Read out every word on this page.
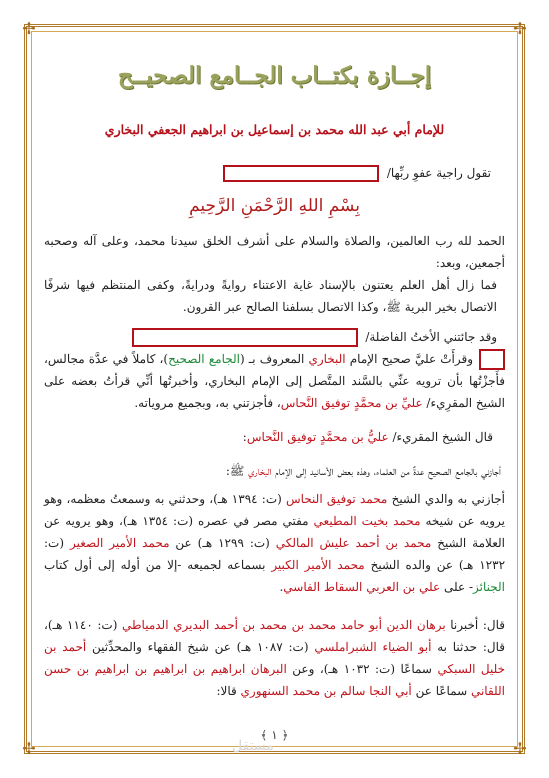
✢	✢
✢	✢
إجــازة بكتــاب الجــامع الصحيــح
للإمام أبي عبد الله محمد بن إسماعيل بن ابراهيم الجعفي البخاري
تقول راجية عفوِ ربِّها/
بِسْمِ اللهِ الرَّحْمَنِ الرَّحِيمِ
الحمد لله رب العالمين، والصلاة والسلام على أشرف الخلق سيدنا محمد، وعلى آله وصحبه أجمعين، وبعد:
فما زال أهل العلم يعتنون بالإسناد غاية الاعتناء روايةً ودرايةً، وكفى المنتظم فيها شرفًا الاتصال بخير البرية ﷺ، وكذا الاتصال بسلفنا الصالح عبر القرون.
وقد جائتني الأختُ الفاضلة/
وقرأَتْ عليَّ صحيح الإمام البخاري المعروف بـ (الجامع الصحيح)، كاملاً في عدَّة مجالس، فأَجزْتُها بأن ترويه عنِّي بالسَّند المتَّصل إلى الإمام البخاري، وأخبرتُها أنِّي قرأتُ بعضه على الشيخ المقرِيء/ عليِّ بن محمَّدٍ توفيق النَّحاس، فأجزتني به، وبجميع مروياته.
قال الشيخ المقريء/ عليُّ بن محمَّدٍ توفيق النَّحاس:
أجازني بالجامع الصحيح عدةٌ من العلماء، وهذه بعض الأسانيد إلى الإمام البخاري ﷺ:
أجازني به والدي الشيخ محمد توفيق النحاس (ت: ١٣٩٤ هـ)، وحدثني به وسمعتُ معظمه، وهو يرويه عن شيخه محمد بخيت المطيعي مفتي مصر في عصره (ت: ١٣٥٤ هـ)، وهو يرويه عن العلامة الشيخ محمد بن أحمد عليش المالكي (ت: ١٢٩٩ هـ) عن محمد الأمير الصغير (ت: ١٢٣٢ هـ) عن والده الشيخ محمد الأمير الكبير بسماعه لجميعه -إلا من أوله إلى أول كتاب الجنائز- على علي بن العربي السقاط الفاسي.
قال: أخبرنا برهان الدين أبو حامد محمد بن محمد بن أحمد البديري الدمياطي (ت: ١١٤٠ هـ)، قال: حدثنا به أبو الضياء الشبراملسي (ت: ١٠٨٧ هـ) عن شيخ الفقهاء والمحدِّثين أحمد بن خليل السبكي سماعًا (ت: ١٠٣٢ هـ)، وعن البرهان ابراهيم بن ابراهيم بن ابراهيم بن حسن اللقاني سماعًا عن أبي النجا سالم بن محمد السنهوري قالا:
﴿ ١ ﴾
مستقل
